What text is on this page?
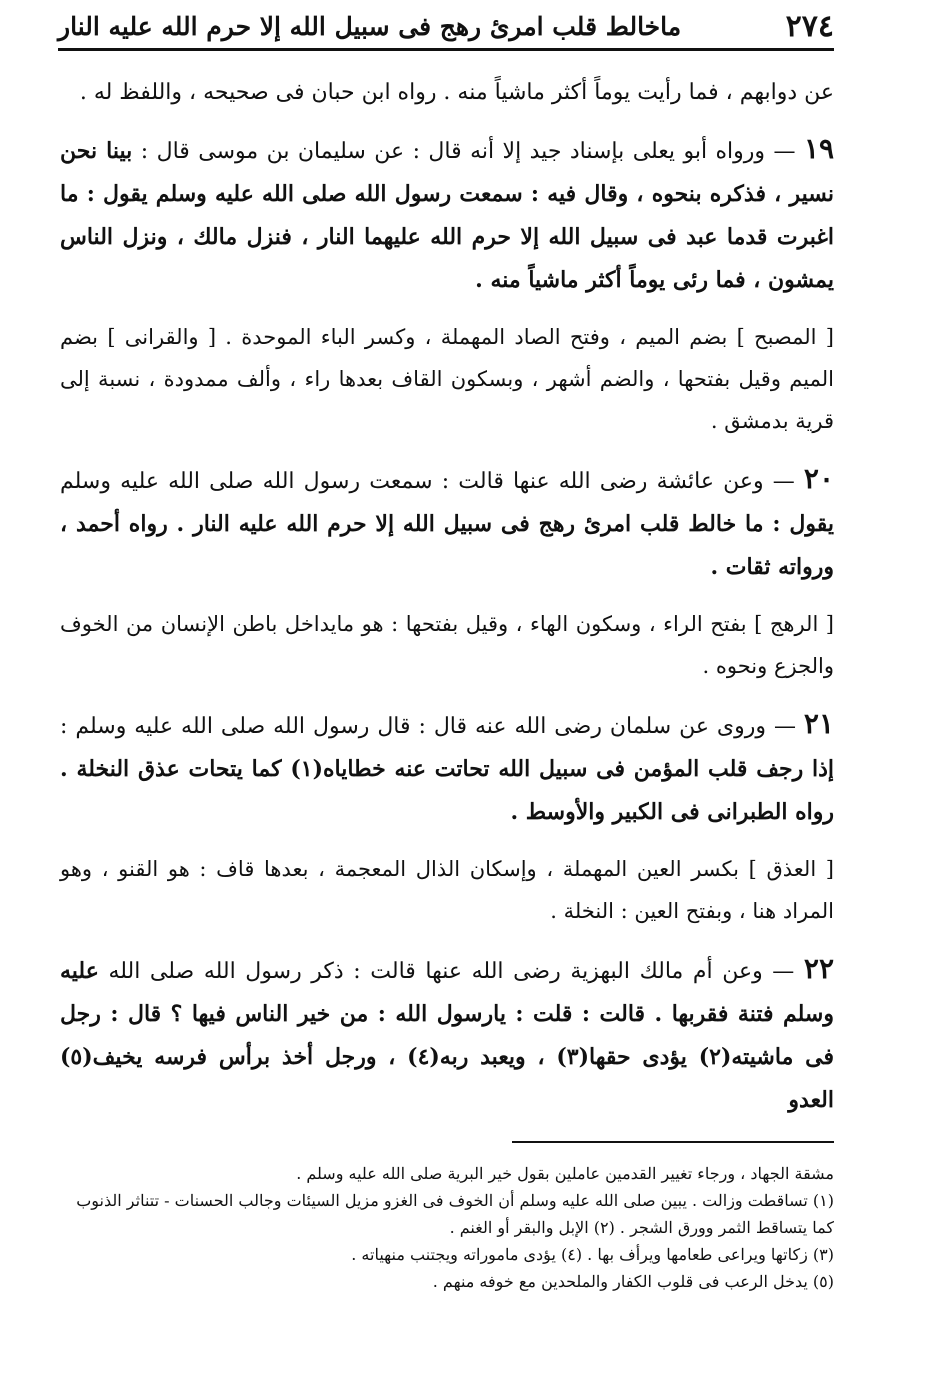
٢٧٤
ماخالط قلب امرئ رهج فى سبيل الله إلا حرم الله عليه النار

عن دوابهم ، فما رأيت يوماً أكثر ماشياً منه . رواه ابن حبان فى صحيحه ، واللفظ له .

١٩ — ورواه أبو يعلى بإسناد جيد إلا أنه قال : عن سليمان بن موسى قال : بينا نحن نسير ، فذكره بنحوه ، وقال فيه : سمعت رسول الله صلى الله عليه وسلم يقول : ما اغبرت قدما عبد فى سبيل الله إلا حرم الله عليهما النار ، فنزل مالك ، ونزل الناس يمشون ، فما رئى يوماً أكثر ماشياً منه .

[ المصبح ] بضم الميم ، وفتح الصاد المهملة ، وكسر الباء الموحدة . [ والقرانى ] بضم الميم وقيل بفتحها ، والضم أشهر ، وبسكون القاف بعدها راء ، وألف ممدودة ، نسبة إلى قرية بدمشق .

٢٠ — وعن عائشة رضى الله عنها قالت : سمعت رسول الله صلى الله عليه وسلم يقول : ما خالط قلب امرئ رهج فى سبيل الله إلا حرم الله عليه النار . رواه أحمد ، ورواته ثقات .

[ الرهج ] بفتح الراء ، وسكون الهاء ، وقيل بفتحها : هو مايداخل باطن الإنسان من الخوف والجزع ونحوه .

٢١ — وروى عن سلمان رضى الله عنه قال : قال رسول الله صلى الله عليه وسلم : إذا رجف قلب المؤمن فى سبيل الله تحاتت عنه خطاياه(١) كما يتحات عذق النخلة . رواه الطبرانى فى الكبير والأوسط .

[ العذق ] بكسر العين المهملة ، وإسكان الذال المعجمة ، بعدها قاف : هو القنو ، وهو المراد هنا ، وبفتح العين : النخلة .

٢٢ — وعن أم مالك البهزية رضى الله عنها قالت : ذكر رسول الله صلى الله عليه وسلم فتنة فقربها . قالت : قلت : يارسول الله : من خير الناس فيها ؟ قال : رجل فى ماشيته(٢) يؤدى حقها(٣) ، ويعبد ربه(٤) ، ورجل أخذ برأس فرسه يخيف(٥) العدو

مشقة الجهاد ، ورجاء تغيير القدمين عاملين بقول خير البرية صلى الله عليه وسلم .

(١) تساقطت وزالت . يبين صلى الله عليه وسلم أن الخوف فى الغزو مزيل السيئات وجالب الحسنات - تتناثر الذنوب كما يتساقط الثمر وورق الشجر . (٢) الإبل والبقر أو الغنم .

(٣) زكاتها ويراعى طعامها ويرأف بها . (٤) يؤدى ماموراته ويجتنب منهياته .

(٥) يدخل الرعب فى قلوب الكفار والملحدين مع خوفه منهم .
